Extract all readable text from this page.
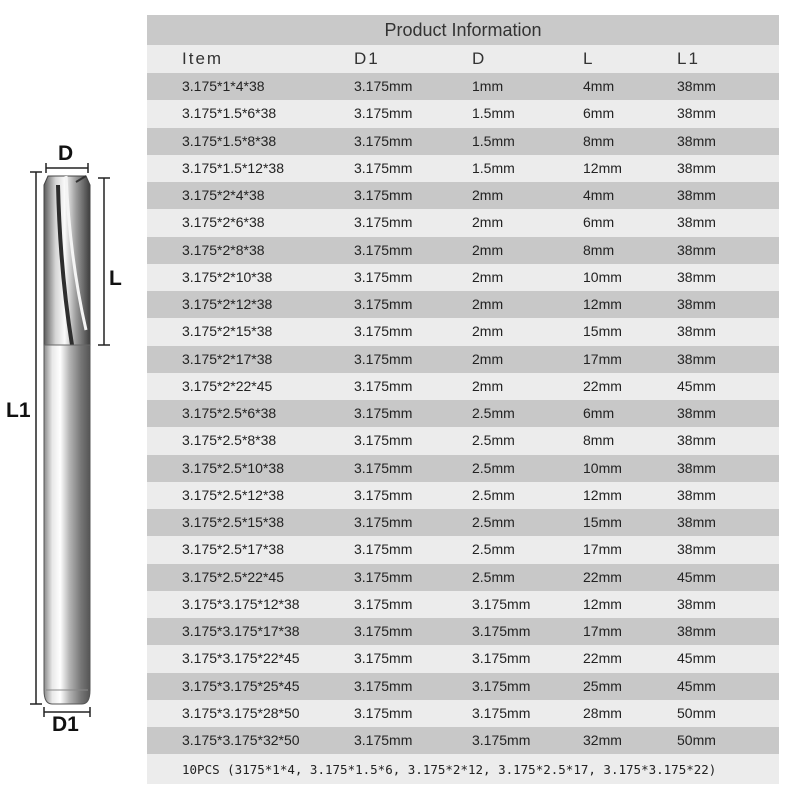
D
L
L1
D1
Product Information
Item	D1	D	L	L1
3.175*1*4*38	3.175mm	1mm	4mm	38mm
3.175*1.5*6*38	3.175mm	1.5mm	6mm	38mm
3.175*1.5*8*38	3.175mm	1.5mm	8mm	38mm
3.175*1.5*12*38	3.175mm	1.5mm	12mm	38mm
3.175*2*4*38	3.175mm	2mm	4mm	38mm
3.175*2*6*38	3.175mm	2mm	6mm	38mm
3.175*2*8*38	3.175mm	2mm	8mm	38mm
3.175*2*10*38	3.175mm	2mm	10mm	38mm
3.175*2*12*38	3.175mm	2mm	12mm	38mm
3.175*2*15*38	3.175mm	2mm	15mm	38mm
3.175*2*17*38	3.175mm	2mm	17mm	38mm
3.175*2*22*45	3.175mm	2mm	22mm	45mm
3.175*2.5*6*38	3.175mm	2.5mm	6mm	38mm
3.175*2.5*8*38	3.175mm	2.5mm	8mm	38mm
3.175*2.5*10*38	3.175mm	2.5mm	10mm	38mm
3.175*2.5*12*38	3.175mm	2.5mm	12mm	38mm
3.175*2.5*15*38	3.175mm	2.5mm	15mm	38mm
3.175*2.5*17*38	3.175mm	2.5mm	17mm	38mm
3.175*2.5*22*45	3.175mm	2.5mm	22mm	45mm
3.175*3.175*12*38	3.175mm	3.175mm	12mm	38mm
3.175*3.175*17*38	3.175mm	3.175mm	17mm	38mm
3.175*3.175*22*45	3.175mm	3.175mm	22mm	45mm
3.175*3.175*25*45	3.175mm	3.175mm	25mm	45mm
3.175*3.175*28*50	3.175mm	3.175mm	28mm	50mm
3.175*3.175*32*50	3.175mm	3.175mm	32mm	50mm
10PCS (3175*1*4, 3.175*1.5*6, 3.175*2*12, 3.175*2.5*17, 3.175*3.175*22)
